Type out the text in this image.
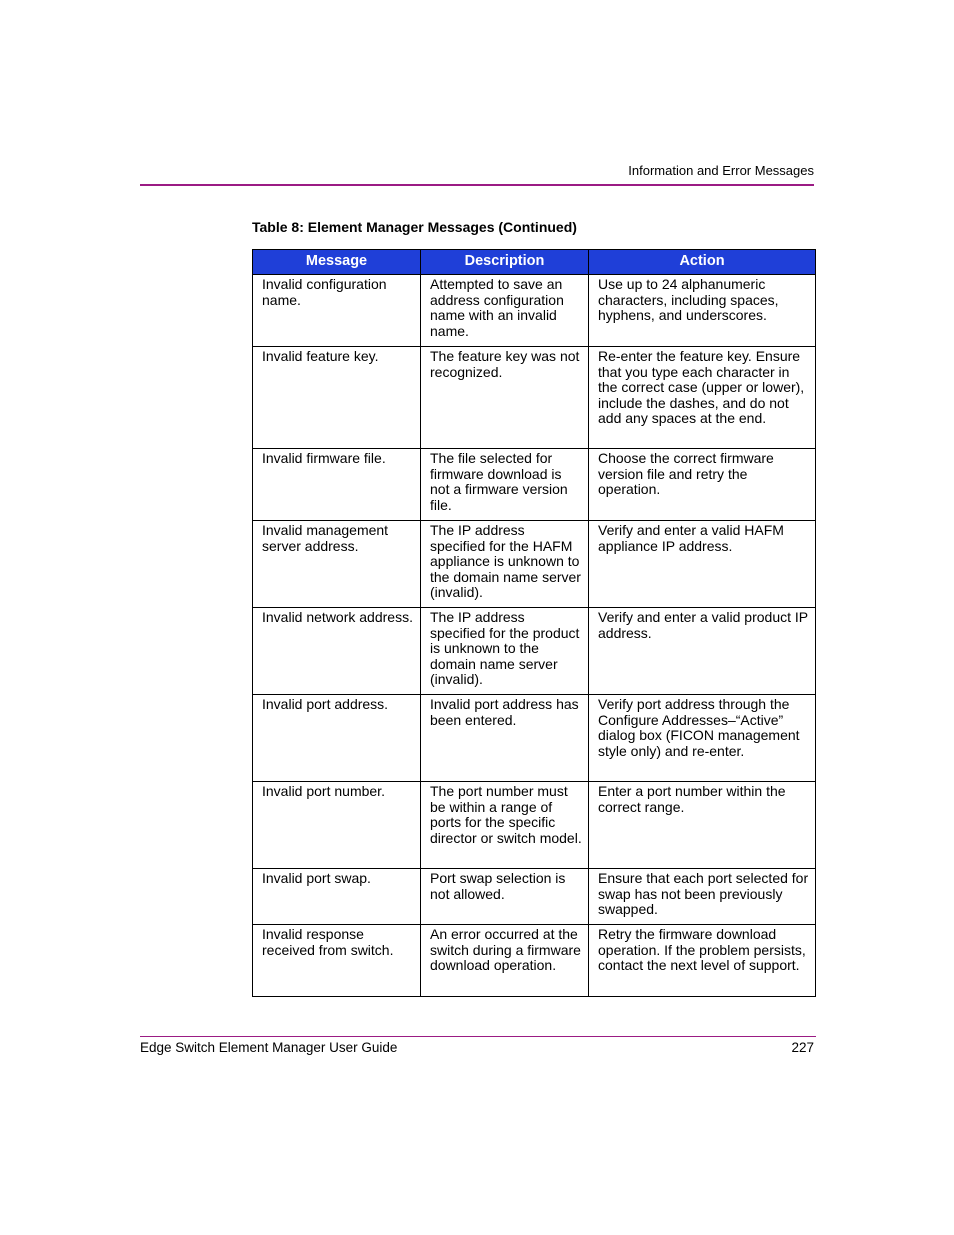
Information and Error Messages
Table 8: Element Manager Messages (Continued)
Message	Description	Action
Invalid configuration name.	Attempted to save an address configuration name with an invalid name.	Use up to 24 alphanumeric characters, including spaces, hyphens, and underscores.
Invalid feature key.	The feature key was not recognized.	Re-enter the feature key. Ensure that you type each character in the correct case (upper or lower), include the dashes, and do not add any spaces at the end.
Invalid firmware file.	The file selected for firmware download is not a firmware version file.	Choose the correct firmware version file and retry the operation.
Invalid management server address.	The IP address specified for the HAFM appliance is unknown to the domain name server (invalid).	Verify and enter a valid HAFM appliance IP address.
Invalid network address.	The IP address specified for the product is unknown to the domain name server (invalid).	Verify and enter a valid product IP address.
Invalid port address.	Invalid port address has been entered.	Verify port address through the Configure Addresses–“Active” dialog box (FICON management style only) and re-enter.
Invalid port number.	The port number must be within a range of ports for the specific director or switch model.	Enter a port number within the correct range.
Invalid port swap.	Port swap selection is not allowed.	Ensure that each port selected for swap has not been previously swapped.
Invalid response received from switch.	An error occurred at the switch during a firmware download operation.	Retry the firmware download operation. If the problem persists, contact the next level of support.
Edge Switch Element Manager User Guide	227
